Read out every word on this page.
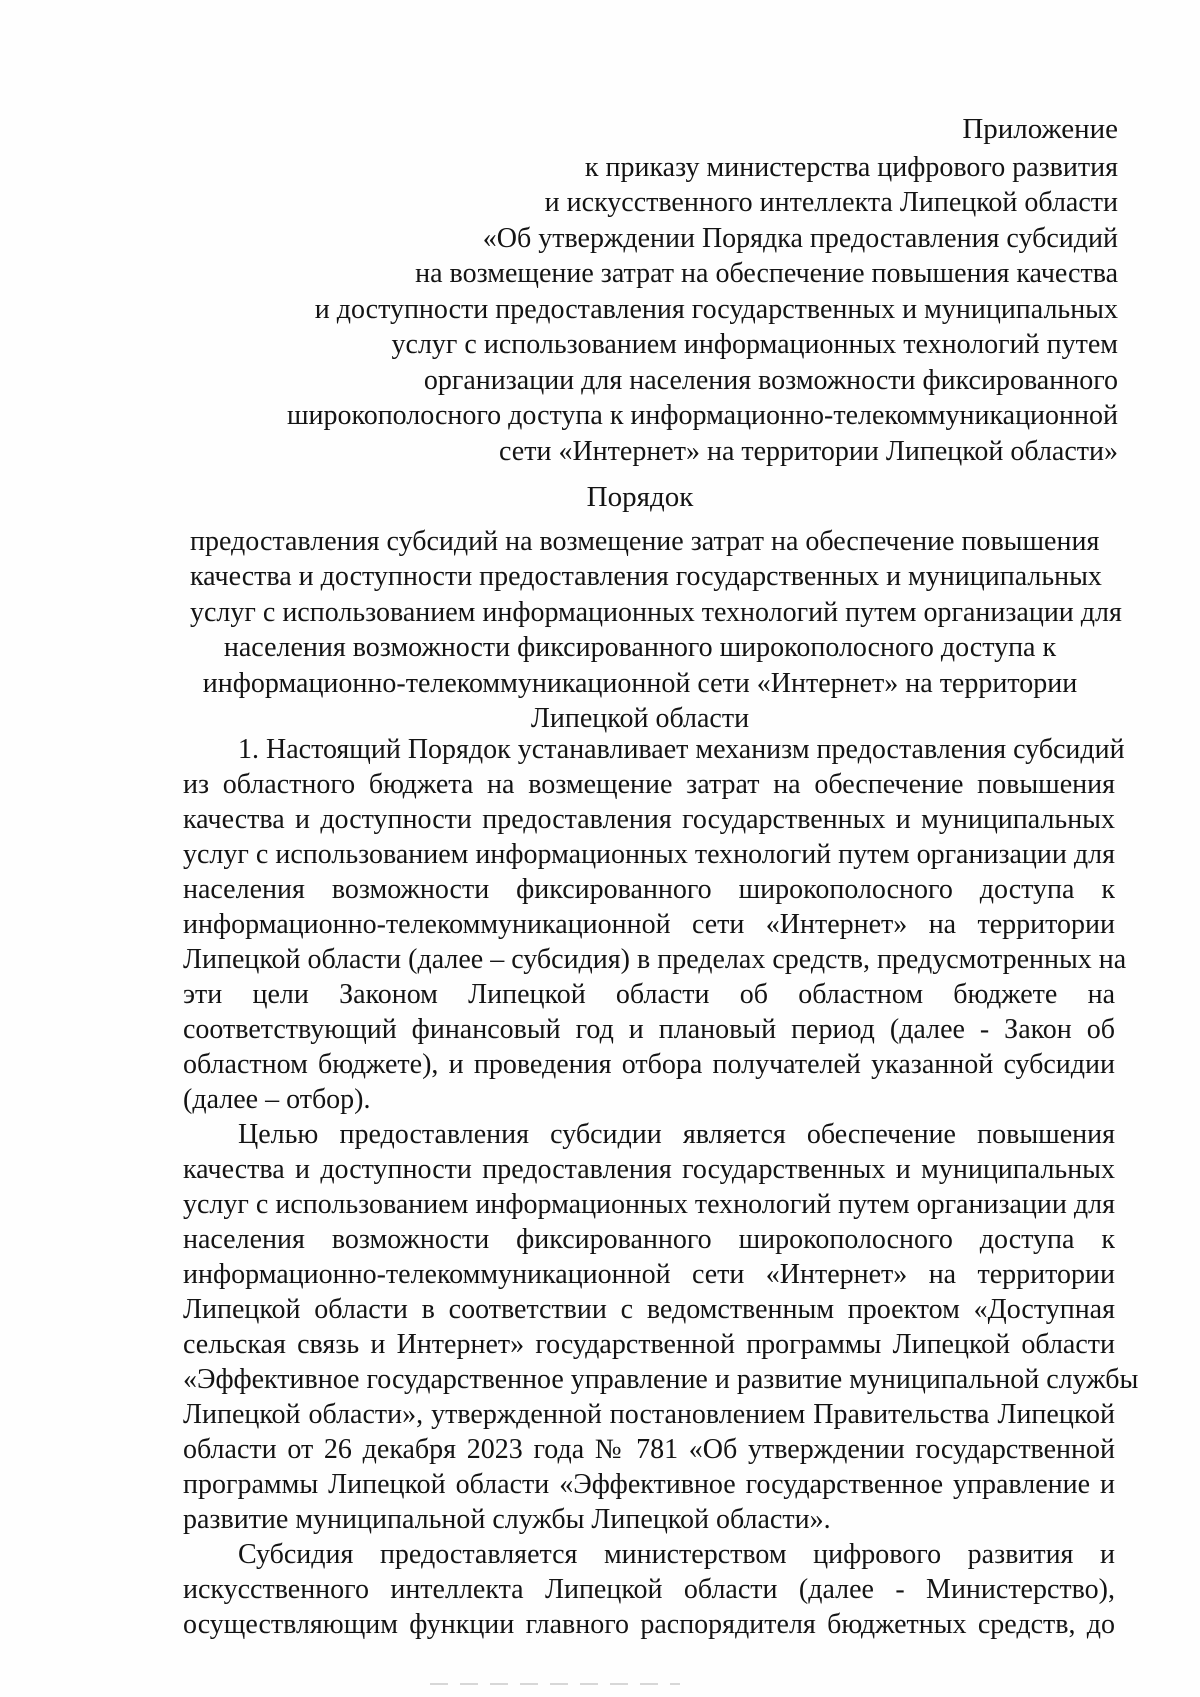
Приложение
к приказу министерства цифрового развития
и искусственного интеллекта Липецкой области
«Об утверждении Порядка предоставления субсидий
на возмещение затрат на обеспечение повышения качества
и доступности предоставления государственных и муниципальных
услуг с использованием информационных технологий путем
организации для населения возможности фиксированного
широкополосного доступа к информационно-телекоммуникационной
сети «Интернет» на территории Липецкой области»
Порядок
предоставления субсидий на возмещение затрат на обеспечение повышения
качества и доступности предоставления государственных и муниципальных
услуг с использованием информационных технологий путем организации для
населения возможности фиксированного широкополосного доступа к
информационно-телекоммуникационной сети «Интернет» на территории
Липецкой области
1. Настоящий Порядок устанавливает механизм предоставления субсидий
из областного бюджета на возмещение затрат на обеспечение повышения
качества и доступности предоставления государственных и муниципальных
услуг с использованием информационных технологий путем организации для
населения возможности фиксированного широкополосного доступа к
информационно-телекоммуникационной сети «Интернет» на территории
Липецкой области (далее – субсидия) в пределах средств, предусмотренных на
эти цели Законом Липецкой области об областном бюджете на
соответствующий финансовый год и плановый период (далее - Закон об
областном бюджете), и проведения отбора получателей указанной субсидии
(далее – отбор).
Целью предоставления субсидии является обеспечение повышения
качества и доступности предоставления государственных и муниципальных
услуг с использованием информационных технологий путем организации для
населения возможности фиксированного широкополосного доступа к
информационно-телекоммуникационной сети «Интернет» на территории
Липецкой области в соответствии с ведомственным проектом «Доступная
сельская связь и Интернет» государственной программы Липецкой области
«Эффективное государственное управление и развитие муниципальной службы
Липецкой области», утвержденной постановлением Правительства Липецкой
области от 26 декабря 2023 года № 781 «Об утверждении государственной
программы Липецкой области «Эффективное государственное управление и
развитие муниципальной службы Липецкой области».
Субсидия предоставляется министерством цифрового развития и
искусственного интеллекта Липецкой области (далее - Министерство),
осуществляющим функции главного распорядителя бюджетных средств, до
